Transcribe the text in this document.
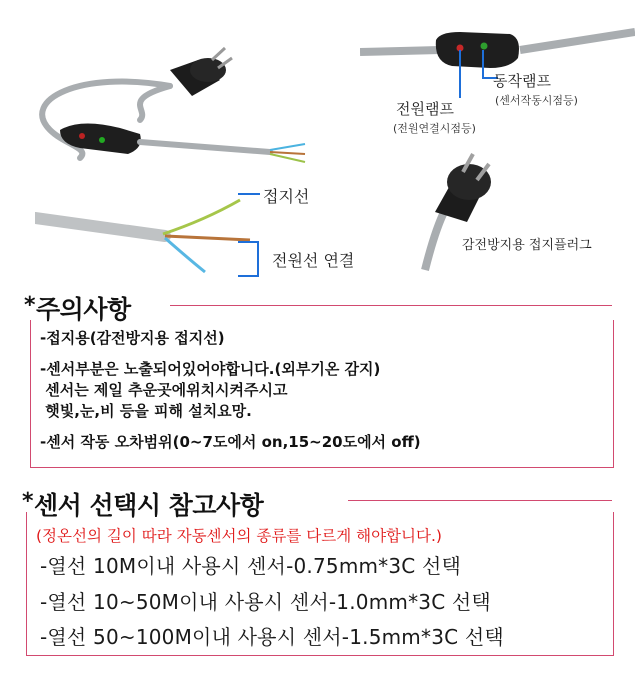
동작램프
(센서작동시점등)
전원램프
(전원연결시점등)
접지선
전원선 연결
감전방지용 접지플러그
*주의사항
-접지용(감전방지용 접지선)
-센서부분은 노출되어있어야합니다.(외부기온 감지)
센서는 제일 추운곳에위치시켜주시고
햇빛,눈,비 등을 피해 설치요망.
-센서 작동 오차범위(0~7도에서 on,15~20도에서 off)
*센서 선택시 참고사항
(정온선의 길이 따라 자동센서의 종류를 다르게 해야합니다.)
-열선 10M이내 사용시 센서-0.75mm*3C 선택
-열선 10~50M이내 사용시 센서-1.0mm*3C 선택
-열선 50~100M이내 사용시 센서-1.5mm*3C 선택
